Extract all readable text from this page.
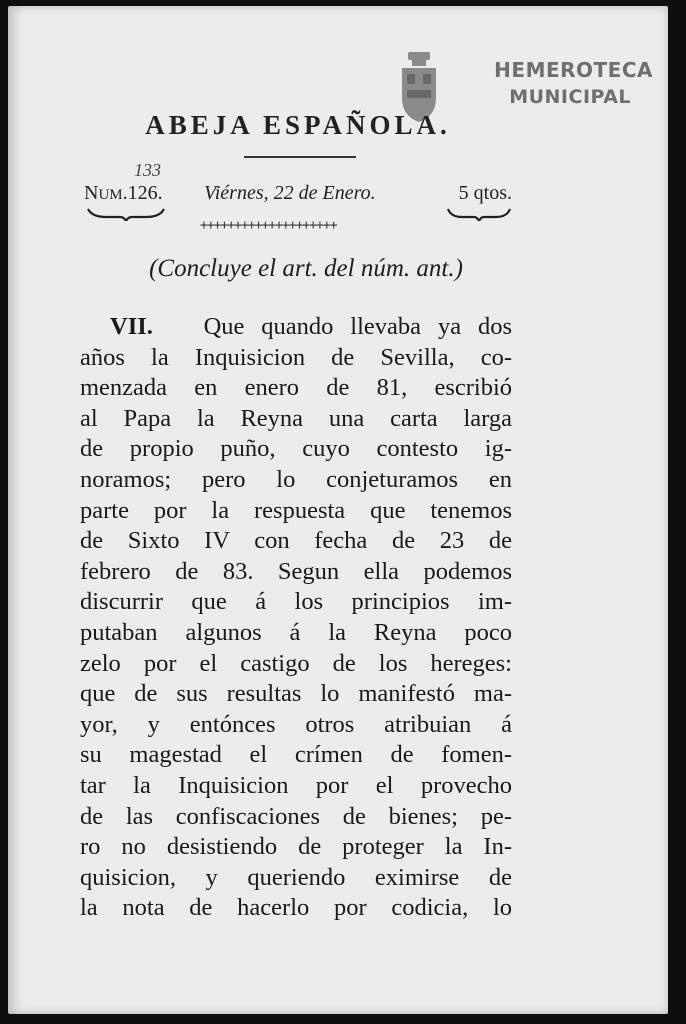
HEMEROTECA
MUNICIPAL
ABEJA ESPAÑOLA.
133
NUM.126. Viérnes, 22 de Enero.	5 qtos.
++++++++++++++++++++
(Concluye el art. del núm. ant.)
VII. Que quando llevaba ya dos
años la Inquisicion de Sevilla, co-
menzada en enero de 81, escribió
al Papa la Reyna una carta larga
de propio puño, cuyo contesto ig-
noramos; pero lo conjeturamos en
parte por la respuesta que tenemos
de Sixto IV con fecha de 23 de
febrero de 83. Segun ella podemos
discurrir que á los principios im-
putaban algunos á la Reyna poco
zelo por el castigo de los hereges:
que de sus resultas lo manifestó ma-
yor, y entónces otros atribuian á
su magestad el crímen de fomen-
tar la Inquisicion por el provecho
de las confiscaciones de bienes; pe-
ro no desistiendo de proteger la In-
quisicion, y queriendo eximirse de
la nota de hacerlo por codicia, lo
